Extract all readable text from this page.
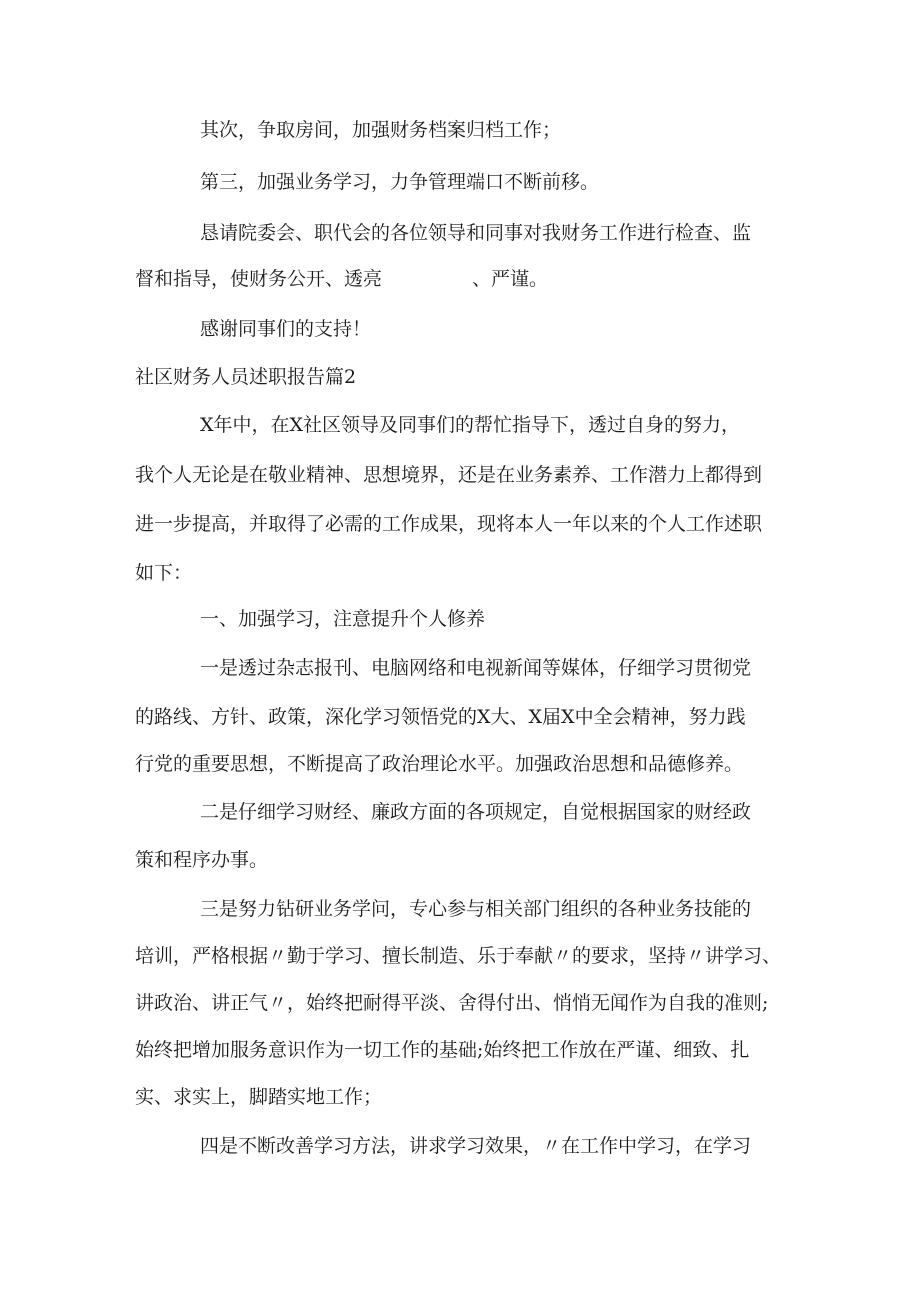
其次，争取房间，加强财务档案归档工作；

第三，加强业务学习，力争管理端口不断前移。

恳请院委会、职代会的各位领导和同事对我财务工作进行检查、监

督和指导，使财务公开、透亮	、严谨。

感谢同事们的支持！

社区财务人员述职报告篇2

X年中，在X社区领导及同事们的帮忙指导下，透过自身的努力，

我个人无论是在敬业精神、思想境界，还是在业务素养、工作潜力上都得到

进一步提高，并取得了必需的工作成果，现将本人一年以来的个人工作述职

如下：

一、加强学习，注意提升个人修养

一是透过杂志报刊、电脑网络和电视新闻等媒体，仔细学习贯彻党

的路线、方针、政策，深化学习领悟党的X大、X届X中全会精神，努力践

行党的重要思想，不断提高了政治理论水平。加强政治思想和品德修养。

二是仔细学习财经、廉政方面的各项规定，自觉根据国家的财经政

策和程序办事。

三是努力钻研业务学问，专心参与相关部门组织的各种业务技能的

培训，严格根据〃勤于学习、擅长制造、乐于奉献〃的要求，坚持〃讲学习、

讲政治、讲正气〃，始终把耐得平淡、舍得付出、悄悄无闻作为自我的准则;

始终把增加服务意识作为一切工作的基础;始终把工作放在严谨、细致、扎

实、求实上，脚踏实地工作；

四是不断改善学习方法，讲求学习效果，〃在工作中学习，在学习
